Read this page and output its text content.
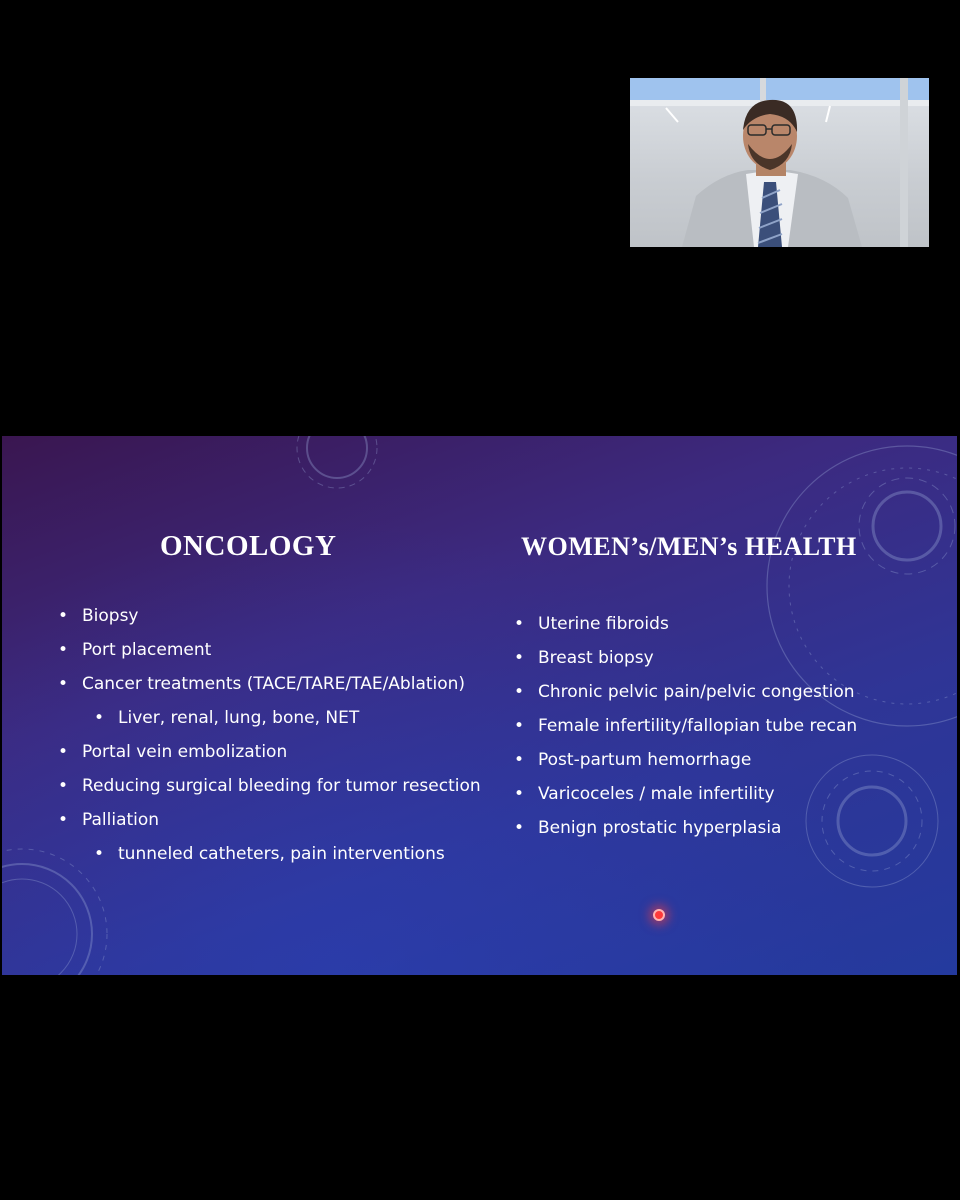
ONCOLOGY	WOMEN’s/MEN’s HEALTH
• Biopsy
• Port placement
• Cancer treatments (TACE/TARE/TAE/Ablation)
• Liver, renal, lung, bone, NET
• Portal vein embolization
• Reducing surgical bleeding for tumor resection
• Palliation
• tunneled catheters, pain interventions
• Uterine fibroids
• Breast biopsy
• Chronic pelvic pain/pelvic congestion
• Female infertility/fallopian tube recan
• Post-partum hemorrhage
• Varicoceles / male infertility
• Benign prostatic hyperplasia
